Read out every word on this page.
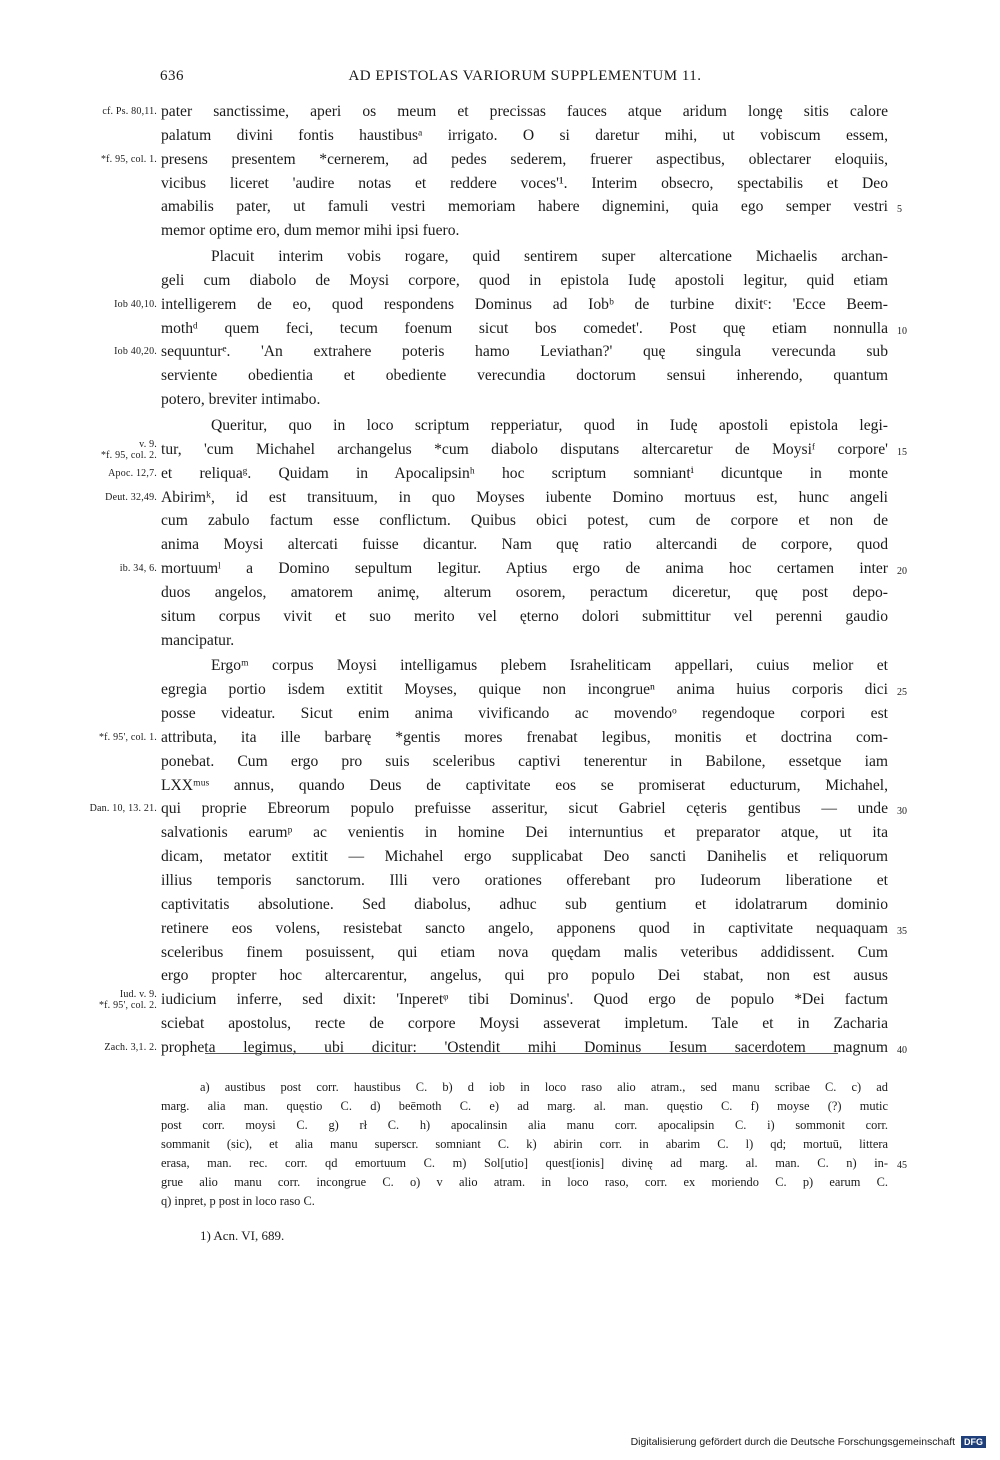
636	AD EPISTOLAS VARIORUM SUPPLEMENTUM 11.
cf. Ps. 80,11. pater sanctissime, aperi os meum et precissas fauces atque aridum longę sitis calore
palatum divini fontis haustibusᵃ irrigato. O si daretur mihi, ut vobiscum essem,
*f. 95, col. 1. presens presentem *cernerem, ad pedes sederem, fruerer aspectibus, oblectarer eloquiis,
vicibus liceret 'audire notas et reddere voces'¹. Interim obsecro, spectabilis et Deo
amabilis pater, ut famuli vestri memoriam habere dignemini, quia ego semper vestri 5
memor optime ero, dum memor mihi ipsi fuero.
Placuit interim vobis rogare, quid sentirem super altercatione Michaelis archan-
geli cum diabolo de Moysi corpore, quod in epistola Iudę apostoli legitur, quid etiam
Iob 40,10. intelligerem de eo, quod respondens Dominus ad Iobᵇ de turbine dixitᶜ: 'Ecce Beem-
mothᵈ quem feci, tecum foenum sicut bos comedet'. Post quę etiam nonnulla 10
Iob 40,20. sequunturᵉ. 'An extrahere poteris hamo Leviathan?' quę singula verecunda sub
serviente obedientia et obediente verecundia doctorum sensui inherendo, quantum
potero, breviter intimabo.
Queritur, quo in loco scriptum repperiatur, quod in Iudę apostoli epistola legi-
v. 9.
*f. 95, col. 2. tur, 'cum Michahel archangelus *cum diabolo disputans altercaretur de Moysiᶠ corpore' 15
Apoc. 12,7. et reliquaᵍ. Quidam in Apocalipsinʰ hoc scriptum somniantⁱ dicuntque in monte
Deut. 32,49. Abirimᵏ, id est transituum, in quo Moyses iubente Domino mortuus est, hunc angeli
cum zabulo factum esse conflictum. Quibus obici potest, cum de corpore et non de
anima Moysi altercati fuisse dicantur. Nam quę ratio altercandi de corpore, quod
ib. 34, 6. mortuumˡ a Domino sepultum legitur. Aptius ergo de anima hoc certamen inter 20
duos angelos, amatorem animę, alterum osorem, peractum diceretur, quę post depo-
situm corpus vivit et suo merito vel ęterno dolori submittitur vel perenni gaudio
mancipatur.
Ergoᵐ corpus Moysi intelligamus plebem Israheliticam appellari, cuius melior et
egregia portio isdem extitit Moyses, quique non incongrueⁿ anima huius corporis dici 25
posse videatur. Sicut enim anima vivificando ac movendoᵒ regendoque corpori est
*f. 95', col. 1. attributa, ita ille barbarę *gentis mores frenabat legibus, monitis et doctrina com-
ponebat. Cum ergo pro suis sceleribus captivi tenerentur in Babilone, essetque iam
LXXᵐᵘˢ annus, quando Deus de captivitate eos se promiserat educturum, Michahel,
Dan. 10, 13. 21. qui proprie Ebreorum populo prefuisse asseritur, sicut Gabriel cęteris gentibus — unde 30
salvationis earumᵖ ac venientis in homine Dei internuntius et preparator atque, ut ita
dicam, metator extitit — Michahel ergo supplicabat Deo sancti Danihelis et reliquorum
illius temporis sanctorum. Illi vero orationes offerebant pro Iudeorum liberatione et
captivitatis absolutione. Sed diabolus, adhuc sub gentium et idolatrarum dominio
retinere eos volens, resistebat sancto angelo, apponens quod in captivitate nequaquam 35
sceleribus finem posuissent, qui etiam nova quędam malis veteribus addidissent. Cum
ergo propter hoc altercarentur, angelus, qui pro populo Dei stabat, non est ausus
Iud. v. 9.
*f. 95', col. 2. iudicium inferre, sed dixit: 'Inperetᵠ tibi Dominus'. Quod ergo de populo *Dei factum
sciebat apostolus, recte de corpore Moysi asseverat impletum. Tale et in Zacharia
Zach. 3,1. 2. propheta legimus, ubi dicitur: 'Ostendit mihi Dominus Iesum sacerdotem magnum 40
a) austibus post corr. haustibus C. b) d iob in loco raso alio atram., sed manu scribae C. c) ad
marg. alia man. quęstio C. d) beēmoth C. e) ad marg. al. man. quęstio C. f) moyse (?) mutic
post corr. moysi C. g) rł C. h) apocalinsin alia manu corr. apocalipsin C. i) sommonit corr.
sommanit (sic), et alia manu superscr. somniant C. k) abirin corr. in abarim C. l) qd; mortuū, littera
erasa, man. rec. corr. qd emortuum C. m) Sol[utio] quest[ionis] divinę ad marg. al. man. C. n) in- 45
grue alio manu corr. incongrue C. o) v alio atram. in loco raso, corr. ex moriendo C. p) earum C.
q) inpret, p post in loco raso C.
1) Acn. VI, 689.
Digitalisierung gefördert durch die Deutsche Forschungsgemeinschaft DFG
